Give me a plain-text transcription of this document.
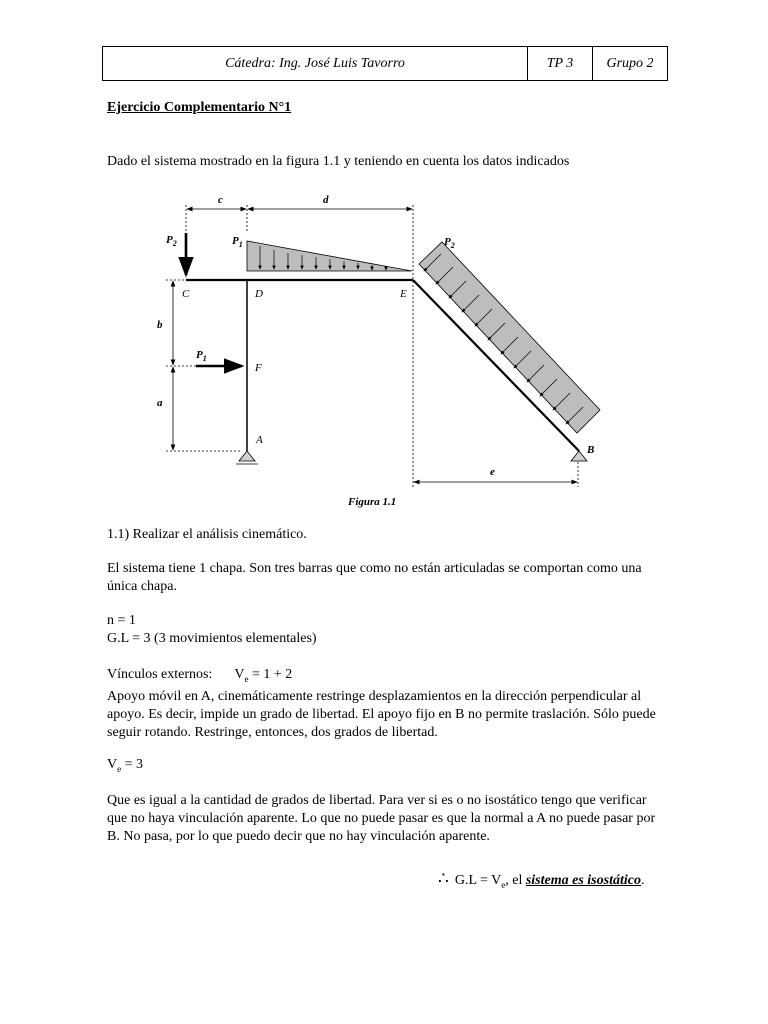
Cátedra: Ing. José Luis Tavorro	TP 3	Grupo 2
Ejercicio Complementario N°1
Dado el sistema mostrado en la figura 1.1 y teniendo en cuenta los datos indicados
c	d
b
a
e
$P_2$	$P_1$	$P_2$
$P_1$
C	D	E
F
A
B
Figura 1.1
1.1) Realizar el análisis cinemático.
El sistema tiene 1 chapa. Son tres barras que como no están articuladas se comportan como una única chapa.
n = 1
G.L = 3 (3 movimientos elementales)
Vínculos externos: $V_e = 1 + 2$
Apoyo móvil en A, cinemáticamente restringe desplazamientos en la dirección perpendicular al apoyo. Es decir, impide un grado de libertad. El apoyo fijo en B no permite traslación. Sólo puede seguir rotando. Restringe, entonces, dos grados de libertad.
$V_e = 3$
Que es igual a la cantidad de grados de libertad. Para ver si es o no isostático tengo que verificar que no haya vinculación aparente. Lo que no puede pasar es que la normal a A no puede pasar por B. No pasa, por lo que puedo decir que no hay vinculación aparente.
∴ $G.L = V_e$, el sistema es isostático.
